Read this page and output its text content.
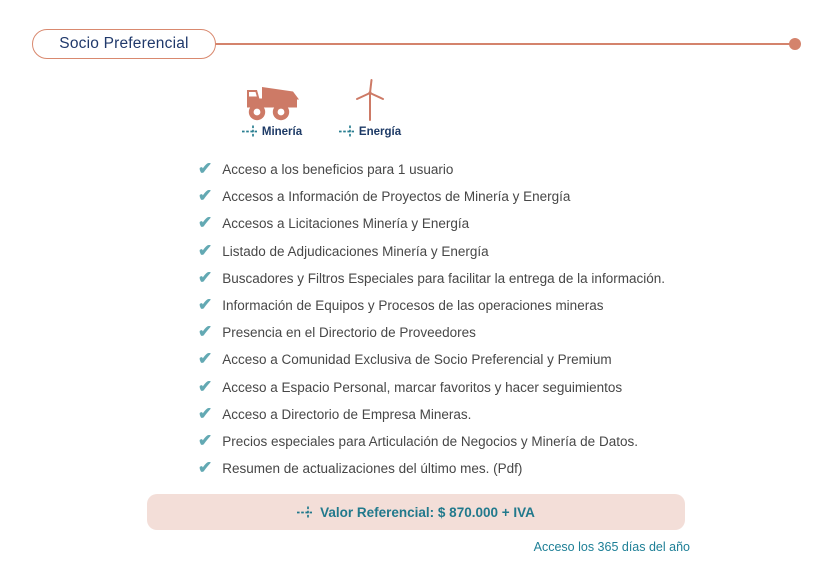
Socio Preferencial
Minería	Energía
✔ Acceso a los beneficios para 1 usuario
✔ Accesos a Información de Proyectos de Minería y Energía
✔ Accesos a Licitaciones Minería y Energía
✔ Listado de Adjudicaciones Minería y Energía
✔ Buscadores y Filtros Especiales para facilitar la entrega de la información.
✔ Información de Equipos y Procesos de las operaciones mineras
✔ Presencia en el Directorio de Proveedores
✔ Acceso a Comunidad Exclusiva de Socio Preferencial y Premium
✔ Acceso a Espacio Personal, marcar favoritos y hacer seguimientos
✔ Acceso a Directorio de Empresa Mineras.
✔ Precios especiales para Articulación de Negocios y Minería de Datos.
✔ Resumen de actualizaciones del último mes. (Pdf)
Valor Referencial: $ 870.000 + IVA
Acceso los 365 días del año
